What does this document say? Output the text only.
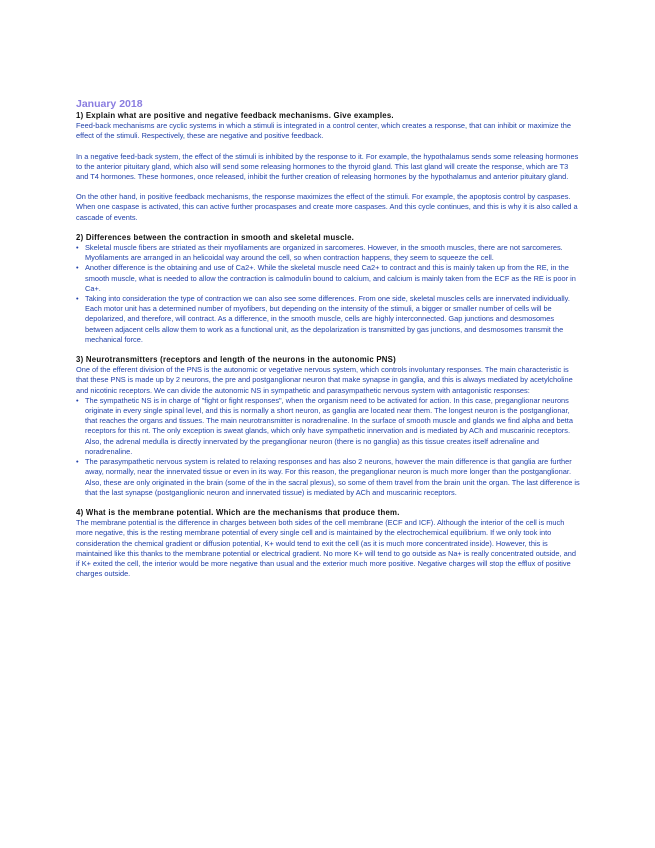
January 2018

1) Explain what are positive and negative feedback mechanisms. Give examples.

Feed-back mechanisms are cyclic systems in which a stimuli is integrated in a control center, which creates a response, that can inhibit or maximize the effect of the stimuli. Respectively, these are negative and positive feedback.

In a negative feed-back system, the effect of the stimuli is inhibited by the response to it. For example, the hypothalamus sends some releasing hormones to the anterior pituitary gland, which also will send some releasing hormones to the thyroid gland. This last gland will create the response, which are T3 and T4 hormones. These hormones, once released, inhibit the further creation of releasing hormones by the hypothalamus and anterior pituitary gland.

On the other hand, in positive feedback mechanisms, the response maximizes the effect of the stimuli. For example, the apoptosis control by caspases. When one caspase is activated, this can active further procaspases and create more caspases. And this cycle continues, and this is why it is also called a cascade of events.

2) Differences between the contraction in smooth and skeletal muscle.

• Skeletal muscle fibers are striated as their myofilaments are organized in sarcomeres. However, in the smooth muscles, there are not sarcomeres. Myofilaments are arranged in an helicoidal way around the cell, so when contraction happens, they seem to squeeze the cell.
• Another difference is the obtaining and use of Ca2+. While the skeletal muscle need Ca2+ to contract and this is mainly taken up from the RE, in the smooth muscle, what is needed to allow the contraction is calmodulin bound to calcium, and calcium is mainly taken from the ECF as the RE is poor in Ca+.
• Taking into consideration the type of contraction we can also see some differences. From one side, skeletal muscles cells are innervated individually. Each motor unit has a determined number of myofibers, but depending on the intensity of the stimuli, a bigger or smaller number of cells will be depolarized, and therefore, will contract. As a difference, in the smooth muscle, cells are highly interconnected. Gap junctions and desmosomes between adjacent cells allow them to work as a functional unit, as the depolarization is transmitted by gas junctions, and desmosomes transmit the mechanical force.

3) Neurotransmitters (receptors and length of the neurons in the autonomic PNS)

One of the efferent division of the PNS is the autonomic or vegetative nervous system, which controls involuntary responses. The main characteristic is that these PNS is made up by 2 neurons, the pre and postganglionar neuron that make synapse in ganglia, and this is always mediated by acetylcholine and nicotinic receptors. We can divide the autonomic NS in sympathetic and parasympathetic nervous system with antagonistic responses:

• The sympathetic NS is in charge of "fight or fight responses", when the organism need to be activated for action. In this case, preganglionar neurons originate in every single spinal level, and this is normally a short neuron, as ganglia are located near them. The longest neuron is the postganglionar, that reaches the organs and tissues. The main neurotransmitter is noradrenaline. In the surface of smooth muscle and glands we find alpha and betta receptors for this nt. The only exception is sweat glands, which only have sympathetic innervation and is mediated by ACh and muscarinic receptors. Also, the adrenal medulla is directly innervated by the preganglionar neuron (there is no ganglia) as this tissue creates itself adrenaline and noradrenaline.
• The parasympathetic nervous system is related to relaxing responses and has also 2 neurons, however the main difference is that ganglia are further away, normally, near the innervated tissue or even in its way. For this reason, the preganglionar neuron is much more longer than the postganglionar. Also, these are only originated in the brain (some of the in the sacral plexus), so some of them travel from the brain unit the organ. The last difference is that the last synapse (postganglionic neuron and innervated tissue) is mediated by ACh and muscarinic receptors.

4) What is the membrane potential. Which are the mechanisms that produce them.

The membrane potential is the difference in charges between both sides of the cell membrane (ECF and ICF). Although the interior of the cell is much more negative, this is the resting membrane potential of every single cell and is maintained by the electrochemical equilibrium. If we only took into consideration the chemical gradient or diffusion potential, K+ would tend to exit the cell (as it is much more concentrated inside). However, this is maintained like this thanks to the membrane potential or electrical gradient. No more K+ will tend to go outside as Na+ is really concentrated outside, and if K+ exited the cell, the interior would be more negative than usual and the exterior much more positive. Negative charges will stop the efflux of positive charges outside.
